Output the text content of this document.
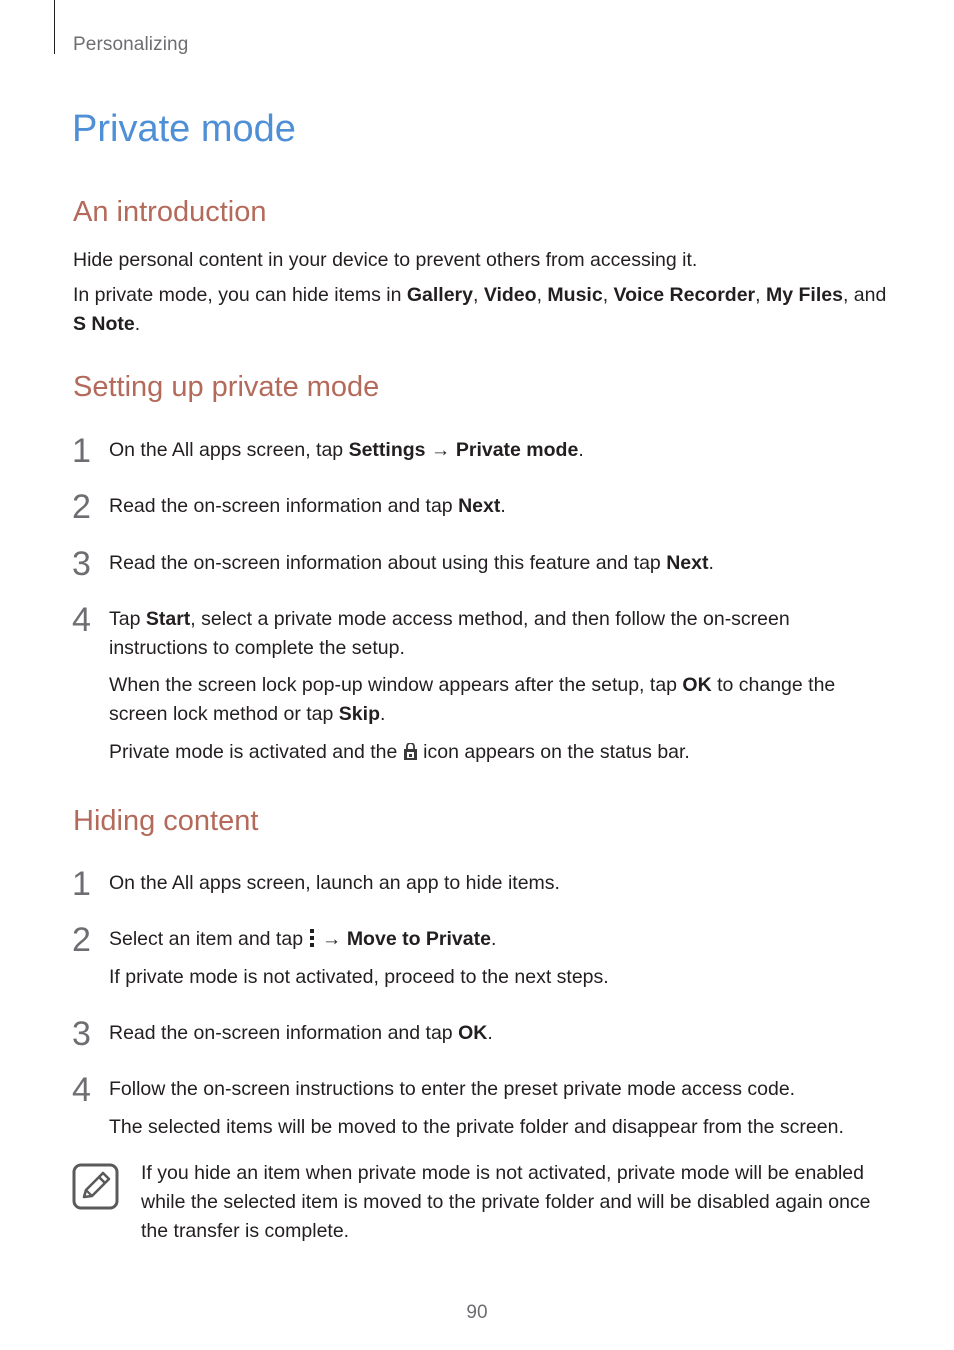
Personalizing
Private mode
An introduction

Hide personal content in your device to prevent others from accessing it.

In private mode, you can hide items in Gallery, Video, Music, Voice Recorder, My Files, and
S Note.

Setting up private mode
1 On the All apps screen, tap Settings → Private mode.

2 Read the on-screen information and tap Next.

3 Read the on-screen information about using this feature and tap Next.

4 Tap Start, select a private mode access method, and then follow the on-screen instructions to complete the setup.

When the screen lock pop-up window appears after the setup, tap OK to change the screen lock method or tap Skip.

Private mode is activated and the  icon appears on the status bar.

Hiding content
1 On the All apps screen, launch an app to hide items.

2 Select an item and tap  → Move to Private.

If private mode is not activated, proceed to the next steps.

3 Read the on-screen information and tap OK.

4 Follow the on-screen instructions to enter the preset private mode access code.

The selected items will be moved to the private folder and disappear from the screen.

If you hide an item when private mode is not activated, private mode will be enabled while the selected item is moved to the private folder and will be disabled again once the transfer is complete.

90
